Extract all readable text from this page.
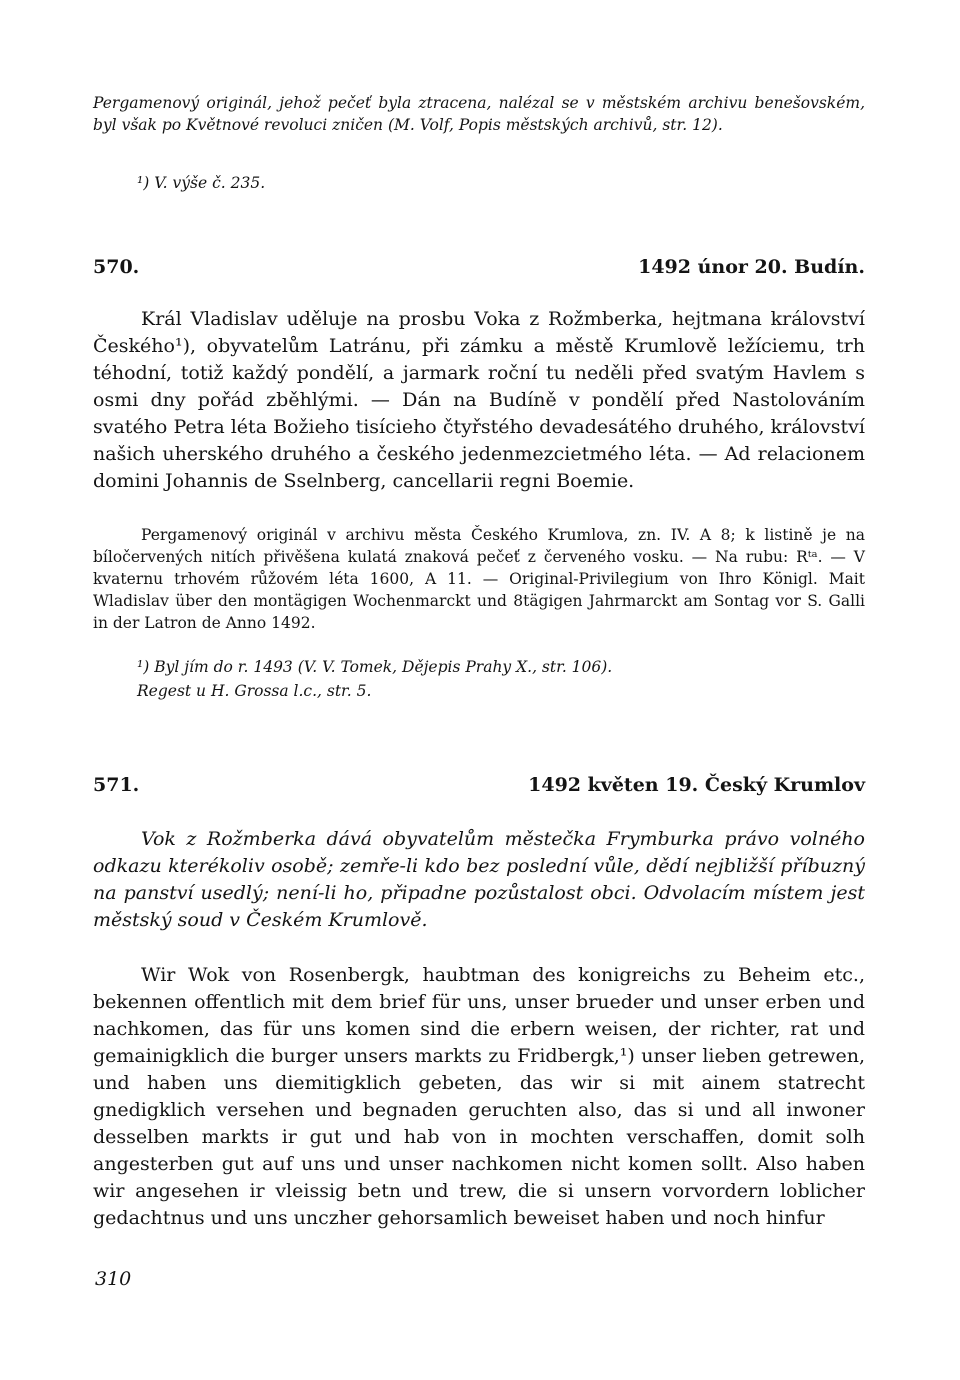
Pergamenový originál, jehož pečeť byla ztracena, nalézal se v městském archivu benešovském, byl však po Květnové revoluci zničen (M. Volf, Popis městských archivů, str. 12).
¹) V. výše č. 235.
570.	1492 únor 20. Budín.
Král Vladislav uděluje na prosbu Voka z Rožmberka, hejtmana království Českého¹), obyvatelům Latránu, při zámku a městě Krumlově ležíciemu, trh téhodní, totiž každý pondělí, a jarmark roční tu neděli před svatým Havlem s osmi dny pořád zběhlými. — Dán na Budíně v pondělí před Nastolováním svatého Petra léta Božieho tisícieho čtyřstého devadesátého druhého, království našich uherského druhého a českého jedenmezcietmého léta. — Ad relacionem domini Johannis de Sselnberg, cancellarii regni Boemie.
Pergamenový originál v archivu města Českého Krumlova, zn. IV. A 8; k listině je na bíločervených nitích přivěšena kulatá znaková pečeť z červeného vosku. — Na rubu: Rᵗᵃ. — V kvaternu trhovém růžovém léta 1600, A 11. — Original-Privilegium von Ihro Königl. Mait Wladislav über den montägigen Wochenmarckt und 8tägigen Jahrmarckt am Sontag vor S. Galli in der Latron de Anno 1492.
¹) Byl jím do r. 1493 (V. V. Tomek, Dějepis Prahy X., str. 106).
Regest u H. Grossa l.c., str. 5.
571.	1492 květen 19. Český Krumlov
Vok z Rožmberka dává obyvatelům městečka Frymburka právo volného odkazu kterékoliv osobě; zemře-li kdo bez poslední vůle, dědí nejbližší příbuzný na panství usedlý; není-li ho, připadne pozůstalost obci. Odvolacím místem jest městský soud v Českém Krumlově.
Wir Wok von Rosenbergk, haubtman des konigreichs zu Beheim etc., bekennen offentlich mit dem brief für uns, unser brueder und unser erben und nachkomen, das für uns komen sind die erbern weisen, der richter, rat und gemainigklich die burger unsers markts zu Fridbergk,¹) unser lieben getrewen, und haben uns diemitigklich gebeten, das wir si mit ainem statrecht gnedigklich versehen und begnaden geruchten also, das si und all inwoner desselben markts ir gut und hab von in mochten verschaffen, domit solh angesterben gut auf uns und unser nachkomen nicht komen sollt. Also haben wir angesehen ir vleissig betn und trew, die si unsern vorvordern loblicher gedachtnus und uns unczher gehorsamlich beweiset haben und noch hinfur
310
